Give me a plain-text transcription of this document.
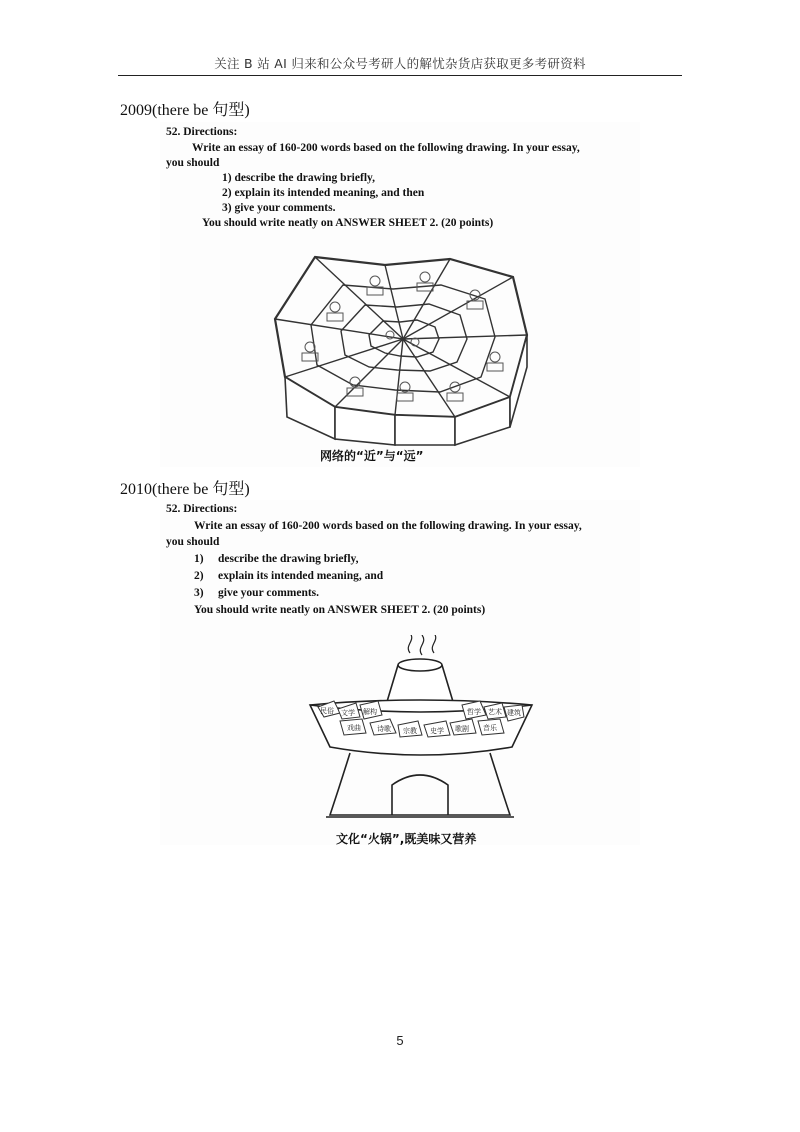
关注 B 站 AI 归来和公众号考研人的解忧杂货店获取更多考研资料
2009(there be 句型)
52. Directions:
Write an essay of 160-200 words based on the following drawing. In your essay,
you should
1) describe the drawing briefly,
2) explain its intended meaning, and then
3) give your comments.
You should write neatly on ANSWER SHEET 2. (20 points)
网络的“近”与“远”
2010(there be 句型)
52. Directions:
Write an essay of 160-200 words based on the following drawing. In your essay,
you should
1) describe the drawing briefly,
2) explain its intended meaning, and
3) give your comments.
You should write neatly on ANSWER SHEET 2. (20 points)
解构
文学	哲学 艺术
诗歌 宗教 史学 歌剧
戏曲	音乐
民俗	建筑
文化“火锅”,既美味又营养
5
